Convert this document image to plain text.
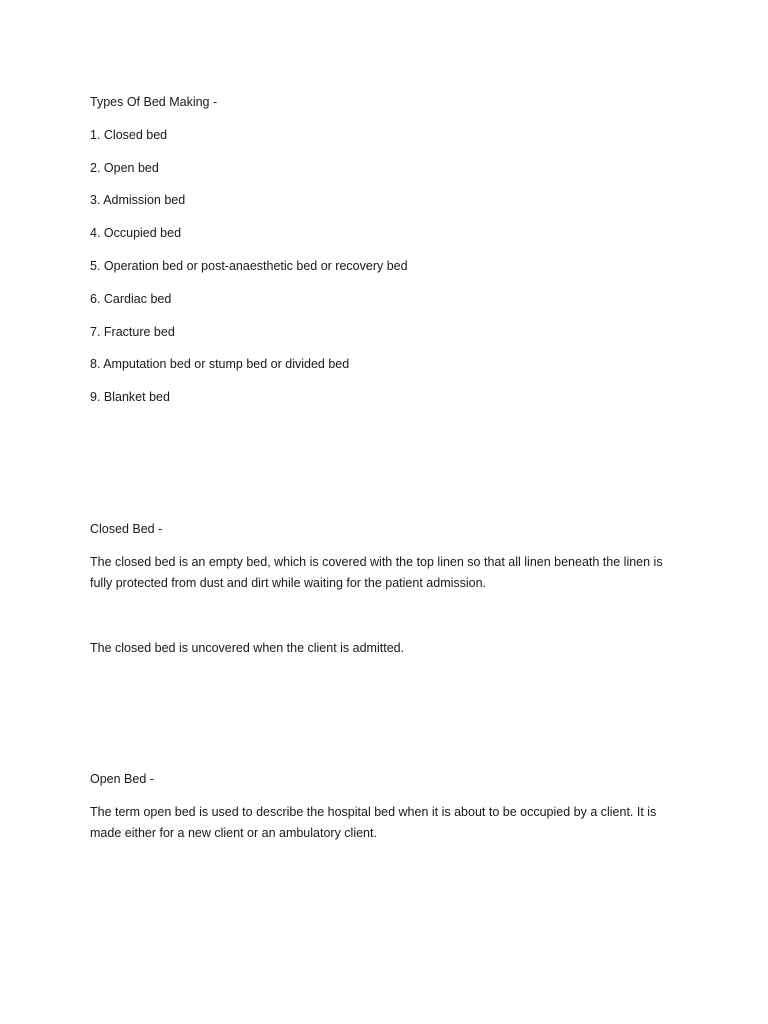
Types Of Bed Making -

1. Closed bed

2. Open bed

3. Admission bed

4. Occupied bed

5. Operation bed or post-anaesthetic bed or recovery bed

6. Cardiac bed

7. Fracture bed

8. Amputation bed or stump bed or divided bed

9. Blanket bed

Closed Bed -

The closed bed is an empty bed, which is covered with the top linen so that all linen beneath the linen is
fully protected from dust and dirt while waiting for the patient admission.

The closed bed is uncovered when the client is admitted.

Open Bed -

The term open bed is used to describe the hospital bed when it is about to be occupied by a client. It is
made either for a new client or an ambulatory client.
